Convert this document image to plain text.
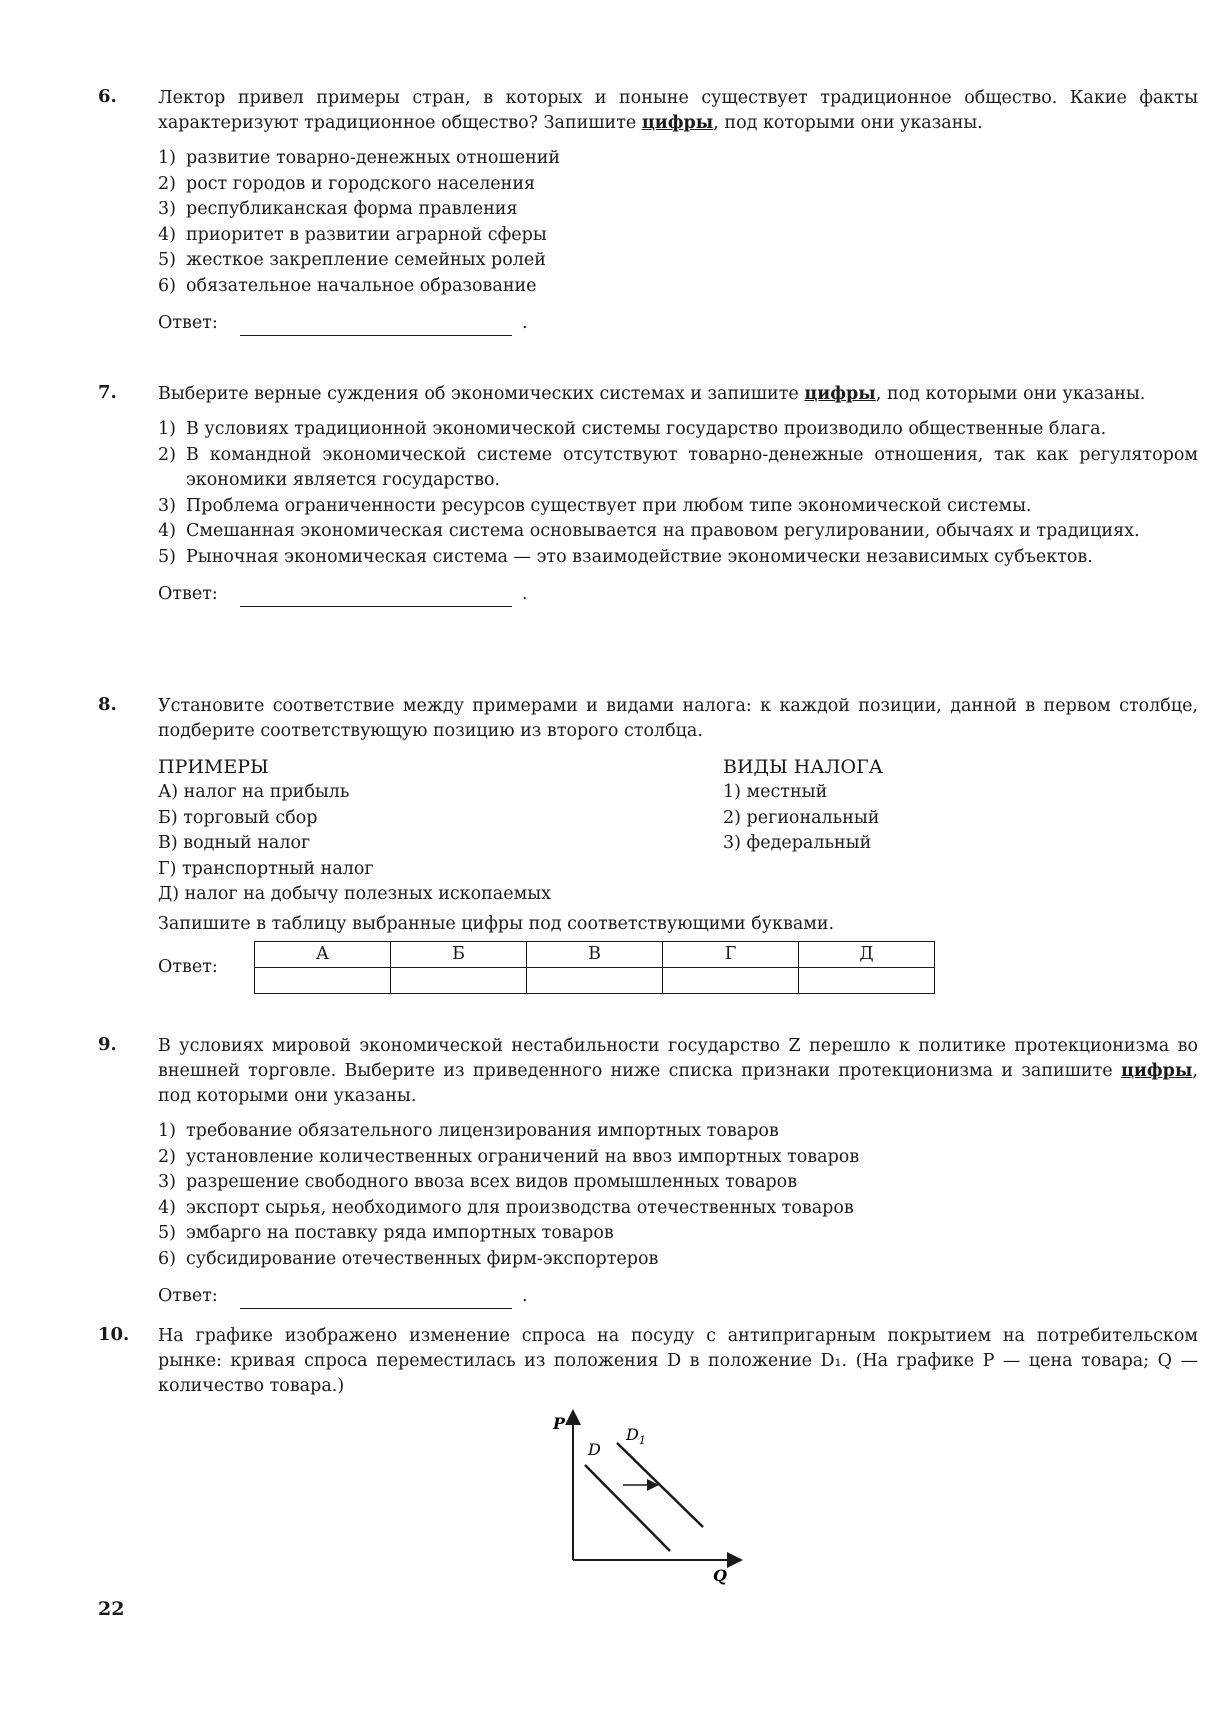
6. Лектор привел примеры стран, в которых и поныне существует традиционное общество. Какие факты характеризуют традиционное общество? Запишите цифры, под которыми они указаны.
1) развитие товарно-денежных отношений
2) рост городов и городского населения
3) республиканская форма правления
4) приоритет в развитии аграрной сферы
5) жесткое закрепление семейных ролей
6) обязательное начальное образование
Ответ:	.
7. Выберите верные суждения об экономических системах и запишите цифры, под которыми они указаны.
1) В условиях традиционной экономической системы государство производило общественные блага.
2) В командной экономической системе отсутствуют товарно-денежные отношения, так как регулятором экономики является государство.
3) Проблема ограниченности ресурсов существует при любом типе экономической системы.
4) Смешанная экономическая система основывается на правовом регулировании, обычаях и традициях.
5) Рыночная экономическая система — это взаимодействие экономически независимых субъектов.
Ответ:	.
8. Установите соответствие между примерами и видами налога: к каждой позиции, данной в первом столбце, подберите соответствующую позицию из второго столбца.
ПРИМЕРЫ
А) налог на прибыль
Б) торговый сбор
В) водный налог
Г) транспортный налог
Д) налог на добычу полезных ископаемых
ВИДЫ НАЛОГА
1) местный
2) региональный
3) федеральный
Запишите в таблицу выбранные цифры под соответствующими буквами.
Ответ:
А	Б	В	Г	Д

9. В условиях мировой экономической нестабильности государство Z перешло к политике протекционизма во внешней торговле. Выберите из приведенного ниже списка признаки протекционизма и запишите цифры, под которыми они указаны.
1) требование обязательного лицензирования импортных товаров
2) установление количественных ограничений на ввоз импортных товаров
3) разрешение свободного ввоза всех видов промышленных товаров
4) экспорт сырья, необходимого для производства отечественных товаров
5) эмбарго на поставку ряда импортных товаров
6) субсидирование отечественных фирм-экспортеров
Ответ:	.
10. На графике изображено изменение спроса на посуду с антипригарным покрытием на потребительском рынке: кривая спроса переместилась из положения D в положение D₁. (На графике P — цена товара; Q — количество товара.)
P
Q
D
$D_1$
22
